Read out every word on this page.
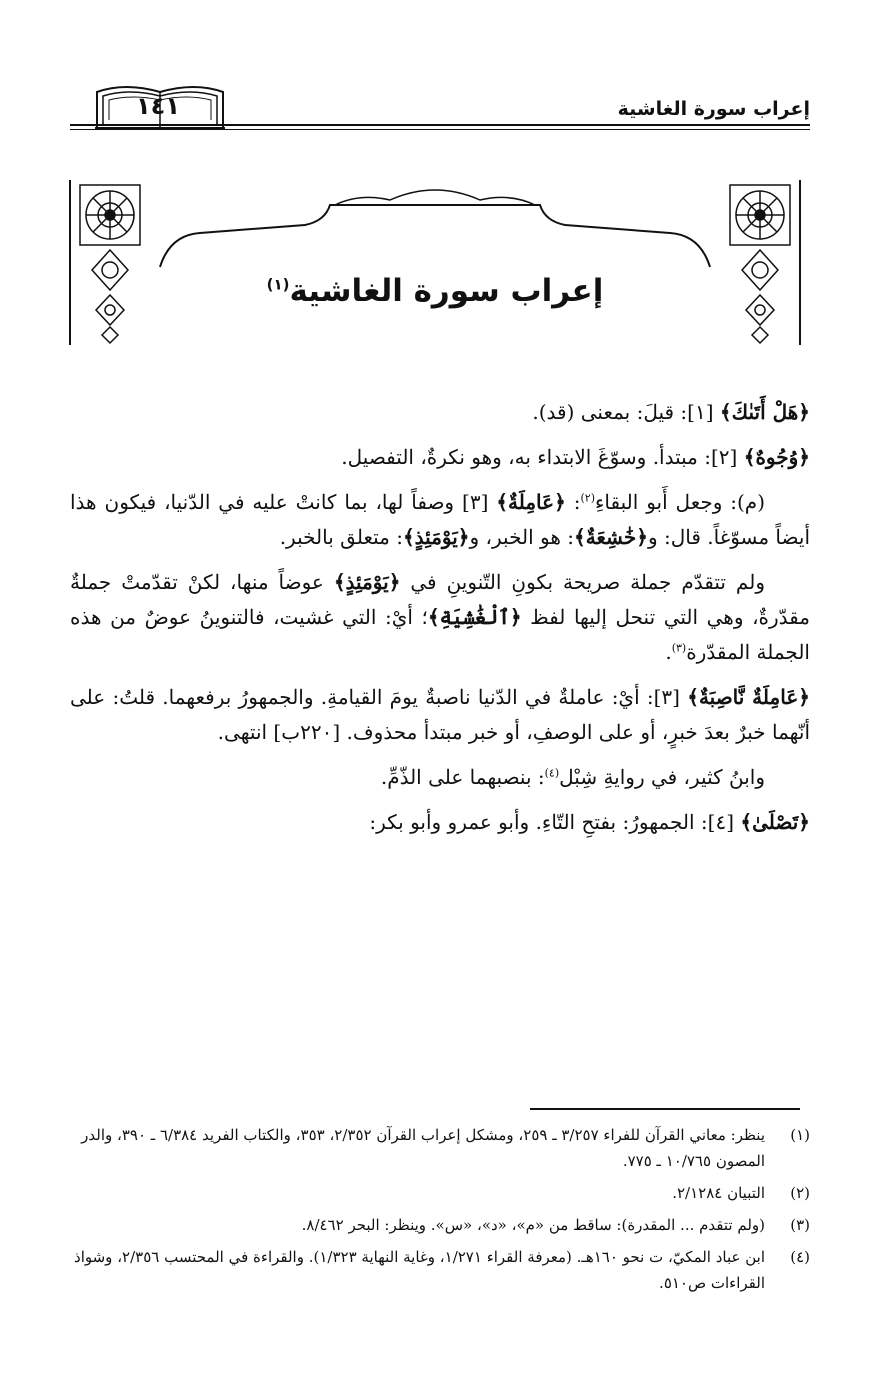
١٤١	إعراب سورة الغاشية
إعراب سورة الغاشية$^{(١)}$

﴿هَلْ أَتَىٰكَ﴾ [١]: قيلَ: بمعنى (قد).

﴿وُجُوهٌ﴾ [٢]: مبتدأ. وسوّغَ الابتداء به، وهو نكرةٌ، التفصيل.

(م): وجعل أَبو البقاءِ$^{(٢)}$: ﴿عَامِلَةٌ﴾ [٣] وصفاً لها، بما كانتْ عليه في الدّنيا، فيكون هذا أيضاً مسوّغاً. قال: و﴿خَٰشِعَةٌ﴾: هو الخبر، و﴿يَوْمَئِذٍ﴾: متعلق بالخبر.

ولم تتقدّم جملة صريحة بكونِ التّنوينِ في ﴿يَوْمَئِذٍ﴾ عوضاً منها، لكنْ تقدّمتْ جملةٌ مقدّرةٌ، وهي التي تنحل إليها لفظ ﴿ٱلْغَٰشِيَةِ﴾؛ أيْ: التي غشيت، فالتنوينُ عوضٌ من هذه الجملة المقدّرة$^{(٣)}$.

﴿عَامِلَةٌ نَّاصِبَةٌ﴾ [٣]: أيْ: عاملةٌ في الدّنيا ناصبةٌ يومَ القيامةِ. والجمهورُ برفعهما. قلتُ: على أنّهما خبرٌ بعدَ خبرٍ، أو على الوصفِ، أو خبر مبتدأ محذوف. [٢٢٠ب] انتهى.

وابنُ كثير، في روايةِ شِبْل$^{(٤)}$: بنصبهما على الذّمِّ.

﴿تَصْلَىٰ﴾ [٤]: الجمهورُ: بفتحِ التّاءِ. وأبو عمرو وأبو بكر:

(١)
ينظر: معاني القرآن للفراء ٣/٢٥٧ ـ ٢٥٩، ومشكل إعراب القرآن ٢/٣٥٢، ٣٥٣، والكتاب الفريد ٦/٣٨٤ ـ ٣٩٠، والدر المصون ١٠/٧٦٥ ـ ٧٧٥.
(٢)
التبيان ٢/١٢٨٤.
(٣)
(ولم تتقدم ... المقدرة): ساقط من «م»، «د»، «س». وينظر: البحر ٨/٤٦٢.
(٤)
ابن عباد المكيّ، ت نحو ١٦٠هـ. (معرفة القراء ١/٢٧١، وغاية النهاية ١/٣٢٣). والقراءة في المحتسب ٢/٣٥٦، وشواذ القراءات ص٥١٠.
